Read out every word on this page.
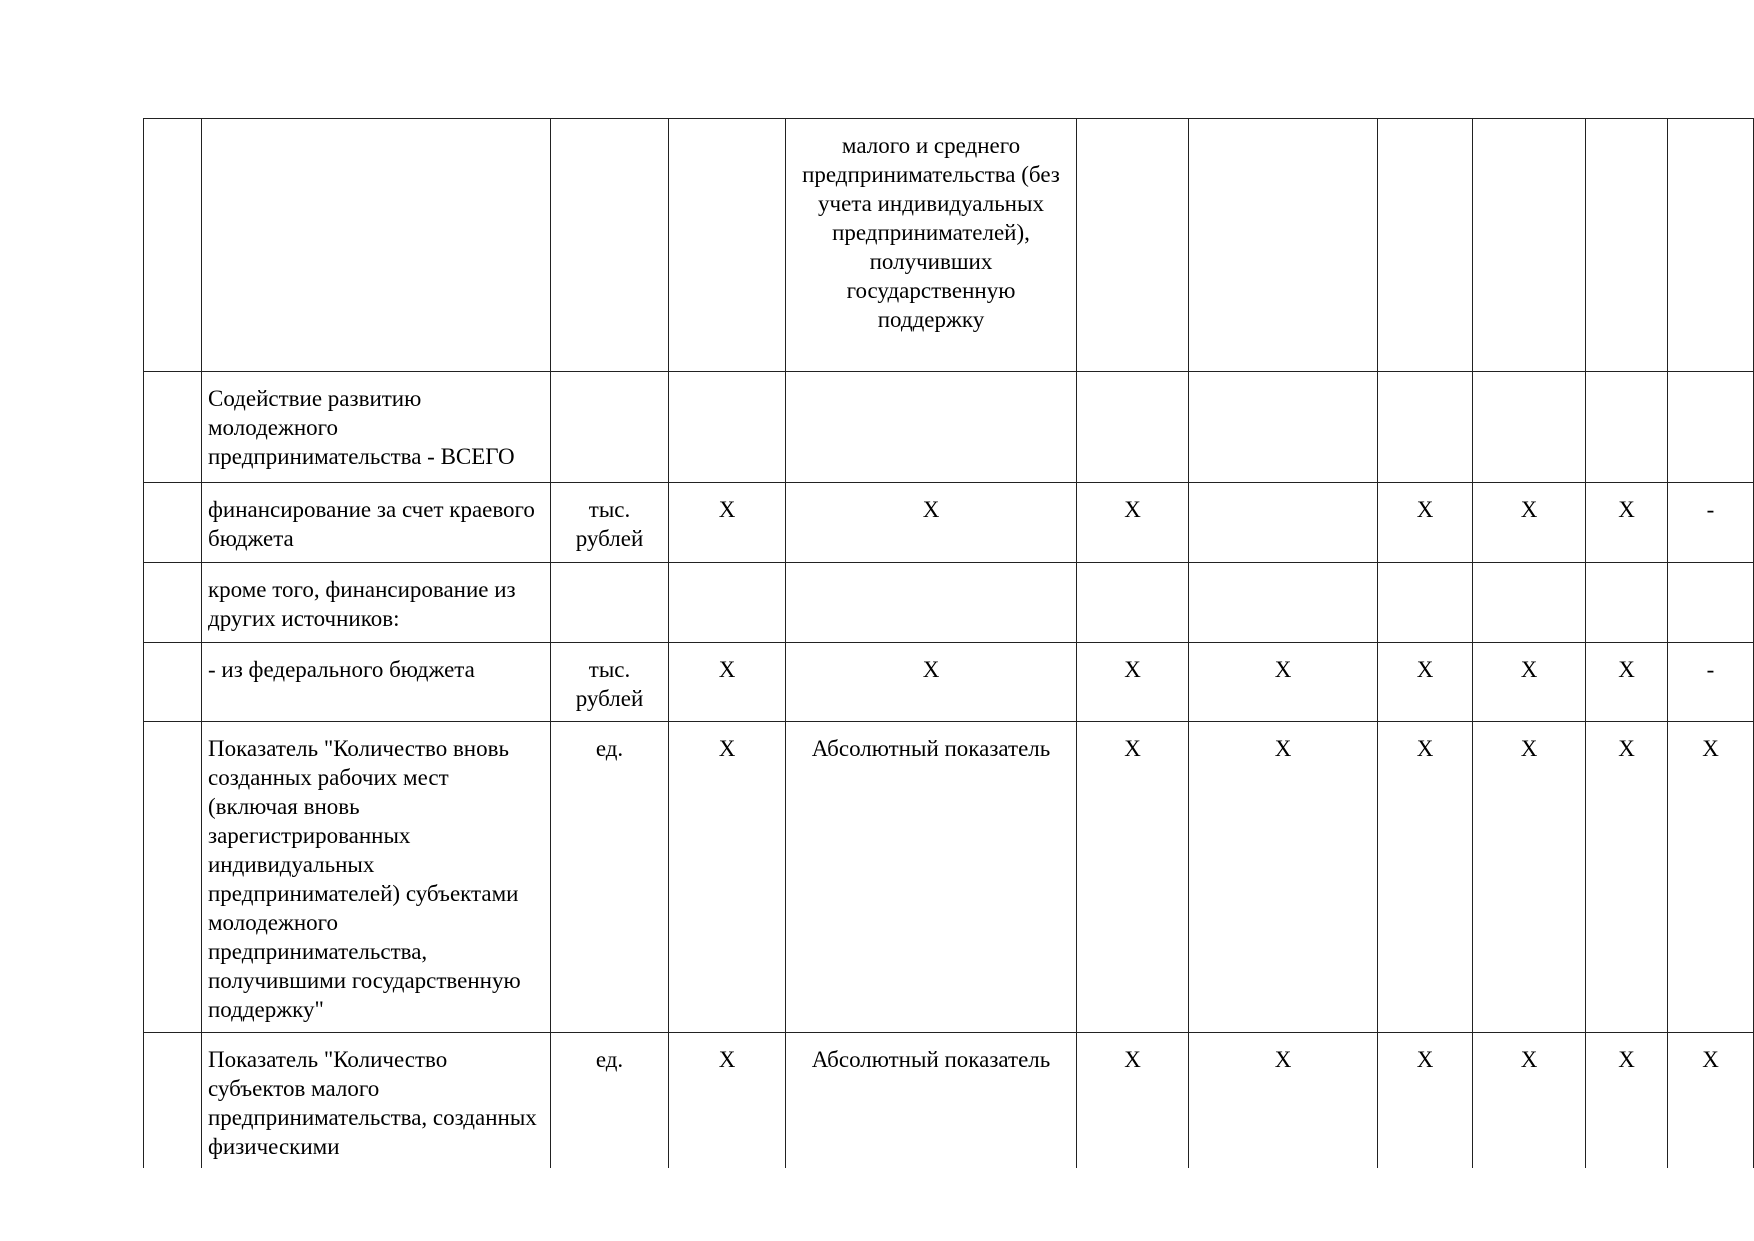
				малого и среднего предпринимательства (без учета индивидуальных предпринимателей), получивших государственную поддержку							
	Содействие развитию молодежного предпринимательства - ВСЕГО										
	финансирование за счет краевого бюджета	тыс. рублей	X	X	X		X	X	X	-	
	кроме того, финансирование из других источников:										
	- из федерального бюджета	тыс. рублей	X	X	X	X	X	X	X	-	
	Показатель "Количество вновь созданных рабочих мест (включая вновь зарегистрированных индивидуальных предпринимателей) субъектами молодежного предпринимательства, получившими государственную поддержку"	ед.	X	Абсолютный показатель	X	X	X	X	X	X	
	Показатель "Количество субъектов малого предпринимательства, созданных физическими	ед.	X	Абсолютный показатель	X	X	X	X	X	X	
